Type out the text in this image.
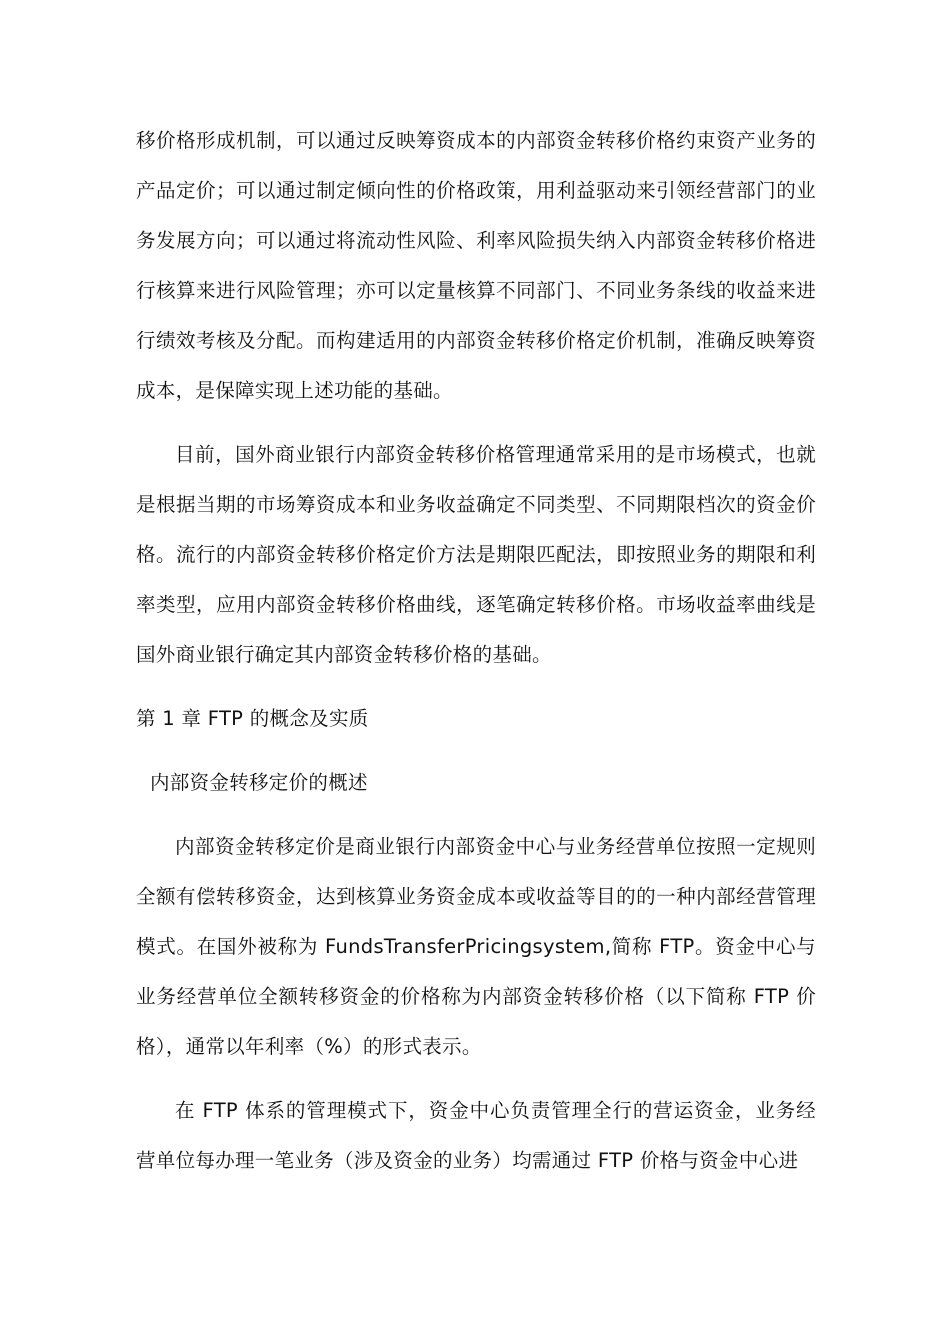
移价格形成机制，可以通过反映筹资成本的内部资金转移价格约束资产业务的产品定价；可以通过制定倾向性的价格政策，用利益驱动来引领经营部门的业务发展方向；可以通过将流动性风险、利率风险损失纳入内部资金转移价格进行核算来进行风险管理；亦可以定量核算不同部门、不同业务条线的收益来进行绩效考核及分配。而构建适用的内部资金转移价格定价机制，准确反映筹资成本，是保障实现上述功能的基础。

目前，国外商业银行内部资金转移价格管理通常采用的是市场模式，也就是根据当期的市场筹资成本和业务收益确定不同类型、不同期限档次的资金价格。流行的内部资金转移价格定价方法是期限匹配法，即按照业务的期限和利率类型，应用内部资金转移价格曲线，逐笔确定转移价格。市场收益率曲线是国外商业银行确定其内部资金转移价格的基础。

第 1 章 FTP 的概念及实质

内部资金转移定价的概述

内部资金转移定价是商业银行内部资金中心与业务经营单位按照一定规则全额有偿转移资金，达到核算业务资金成本或收益等目的的一种内部经营管理模式。在国外被称为 FundsTransferPricingsystem,简称 FTP。资金中心与业务经营单位全额转移资金的价格称为内部资金转移价格（以下简称 FTP 价格），通常以年利率（%）的形式表示。

在 FTP 体系的管理模式下，资金中心负责管理全行的营运资金，业务经营单位每办理一笔业务（涉及资金的业务）均需通过 FTP 价格与资金中心进
